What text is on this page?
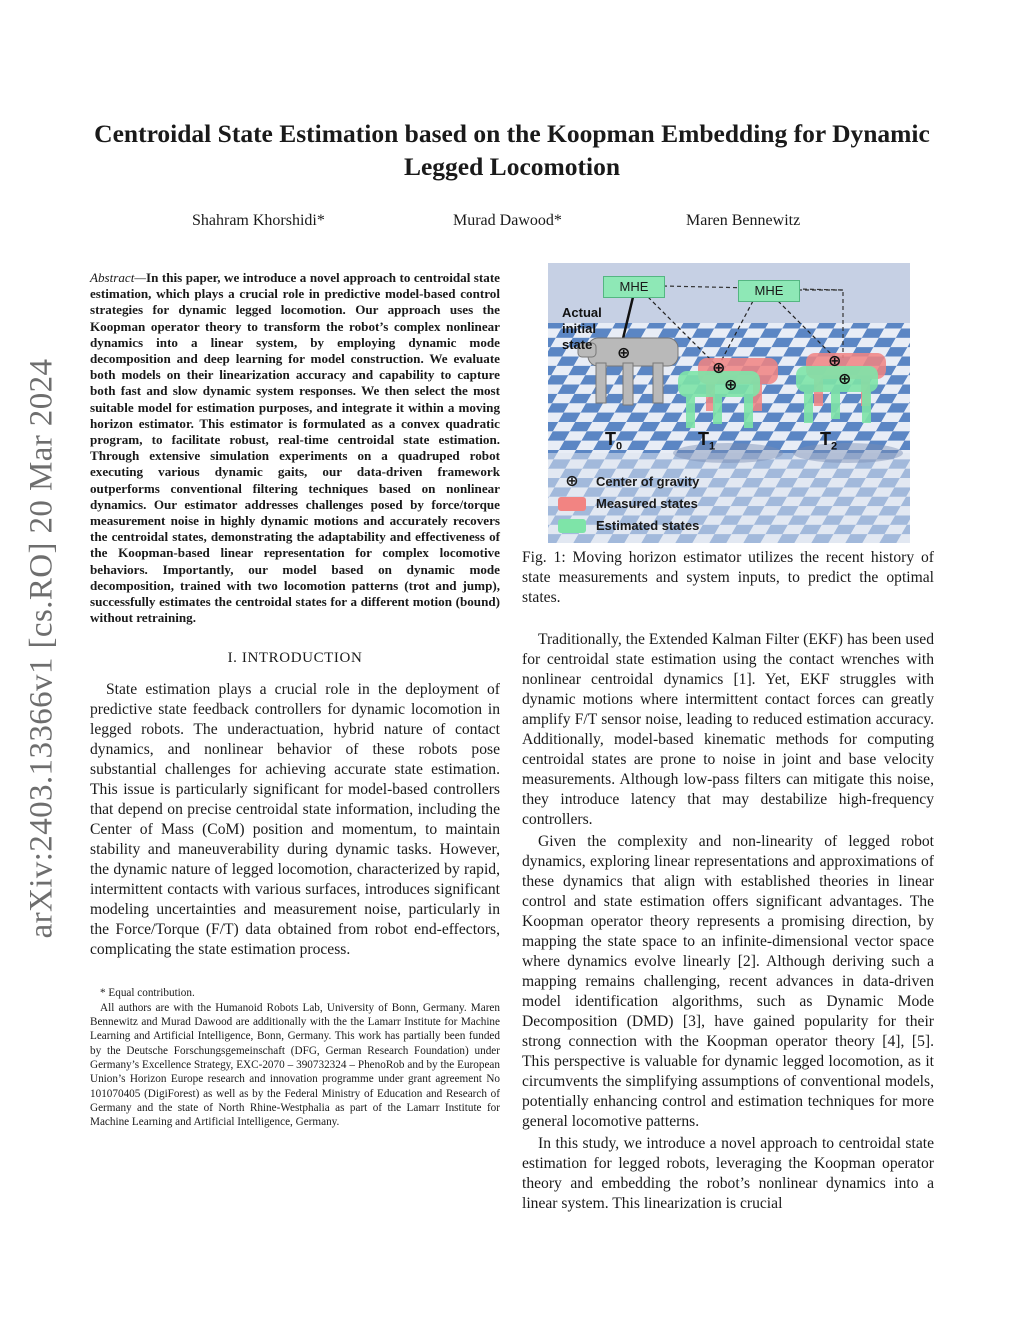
arXiv:2403.13366v1 [cs.RO] 20 Mar 2024
Centroidal State Estimation based on the Koopman Embedding for Dynamic Legged Locomotion
Shahram Khorshidi*	Murad Dawood*	Maren Bennewitz

Abstract—In this paper, we introduce a novel approach to centroidal state estimation, which plays a crucial role in predictive model-based control strategies for dynamic legged locomotion. Our approach uses the Koopman operator theory to transform the robot’s complex nonlinear dynamics into a linear system, by employing dynamic mode decomposition and deep learning for model construction. We evaluate both models on their linearization accuracy and capability to capture both fast and slow dynamic system responses. We then select the most suitable model for estimation purposes, and integrate it within a moving horizon estimator. This estimator is formulated as a convex quadratic program, to facilitate robust, real-time centroidal state estimation. Through extensive simulation experiments on a quadruped robot executing various dynamic gaits, our data-driven framework outperforms conventional filtering techniques based on nonlinear dynamics. Our estimator addresses challenges posed by force/torque measurement noise in highly dynamic motions and accurately recovers the centroidal states, demonstrating the adaptability and effectiveness of the Koopman-based linear representation for complex locomotive behaviors. Importantly, our model based on dynamic mode decomposition, trained with two locomotion patterns (trot and jump), successfully estimates the centroidal states for a different motion (bound) without retraining.

I. INTRODUCTION

State estimation plays a crucial role in the deployment of predictive state feedback controllers for dynamic locomotion in legged robots. The underactuation, hybrid nature of contact dynamics, and nonlinear behavior of these robots pose substantial challenges for achieving accurate state estimation. This issue is particularly significant for model-based controllers that depend on precise centroidal state information, including the Center of Mass (CoM) position and momentum, to maintain stability and maneuverability during dynamic tasks. However, the dynamic nature of legged locomotion, characterized by rapid, intermittent contacts with various surfaces, introduces significant modeling uncertainties and measurement noise, particularly in the Force/Torque (F/T) data obtained from robot end-effectors, complicating the state estimation process.

* Equal contribution.

All authors are with the Humanoid Robots Lab, University of Bonn, Germany. Maren Bennewitz and Murad Dawood are additionally with the the Lamarr Institute for Machine Learning and Artificial Intelligence, Bonn, Germany. This work has partially been funded by the Deutsche Forschungsgemeinschaft (DFG, German Research Foundation) under Germany’s Excellence Strategy, EXC-2070 – 390732324 – PhenoRob and by the European Union’s Horizon Europe research and innovation programme under grant agreement No 101070405 (DigiForest) as well as by the Federal Ministry of Education and Research of Germany and the state of North Rhine-Westphalia as part of the Lamarr Institute for Machine Learning and Artificial Intelligence, Germany.

MHE	MHE
Actual initial state
⊕
⊕
⊕
⊕
⊕
$T_0$	$T_1$	$T_2$
⊕	Center of gravity
Measured states
Estimated states

Fig. 1: Moving horizon estimator utilizes the recent history of state measurements and system inputs, to predict the optimal states.

Traditionally, the Extended Kalman Filter (EKF) has been used for centroidal state estimation using the contact wrenches with nonlinear centroidal dynamics [1]. Yet, EKF struggles with dynamic motions where intermittent contact forces can greatly amplify F/T sensor noise, leading to reduced estimation accuracy. Additionally, model-based kinematic methods for computing centroidal states are prone to noise in joint and base velocity measurements. Although low-pass filters can mitigate this noise, they introduce latency that may destabilize high-frequency controllers.

Given the complexity and non-linearity of legged robot dynamics, exploring linear representations and approximations of these dynamics that align with established theories in linear control and state estimation offers significant advantages. The Koopman operator theory represents a promising direction, by mapping the state space to an infinite-dimensional vector space where dynamics evolve linearly [2]. Although deriving such a mapping remains challenging, recent advances in data-driven model identification algorithms, such as Dynamic Mode Decomposition (DMD) [3], have gained popularity for their strong connection with the Koopman operator theory [4], [5]. This perspective is valuable for dynamic legged locomotion, as it circumvents the simplifying assumptions of conventional models, potentially enhancing control and estimation techniques for more general locomotive patterns.

In this study, we introduce a novel approach to centroidal state estimation for legged robots, leveraging the Koopman operator theory and embedding the robot’s nonlinear dynamics into a linear system. This linearization is crucial
